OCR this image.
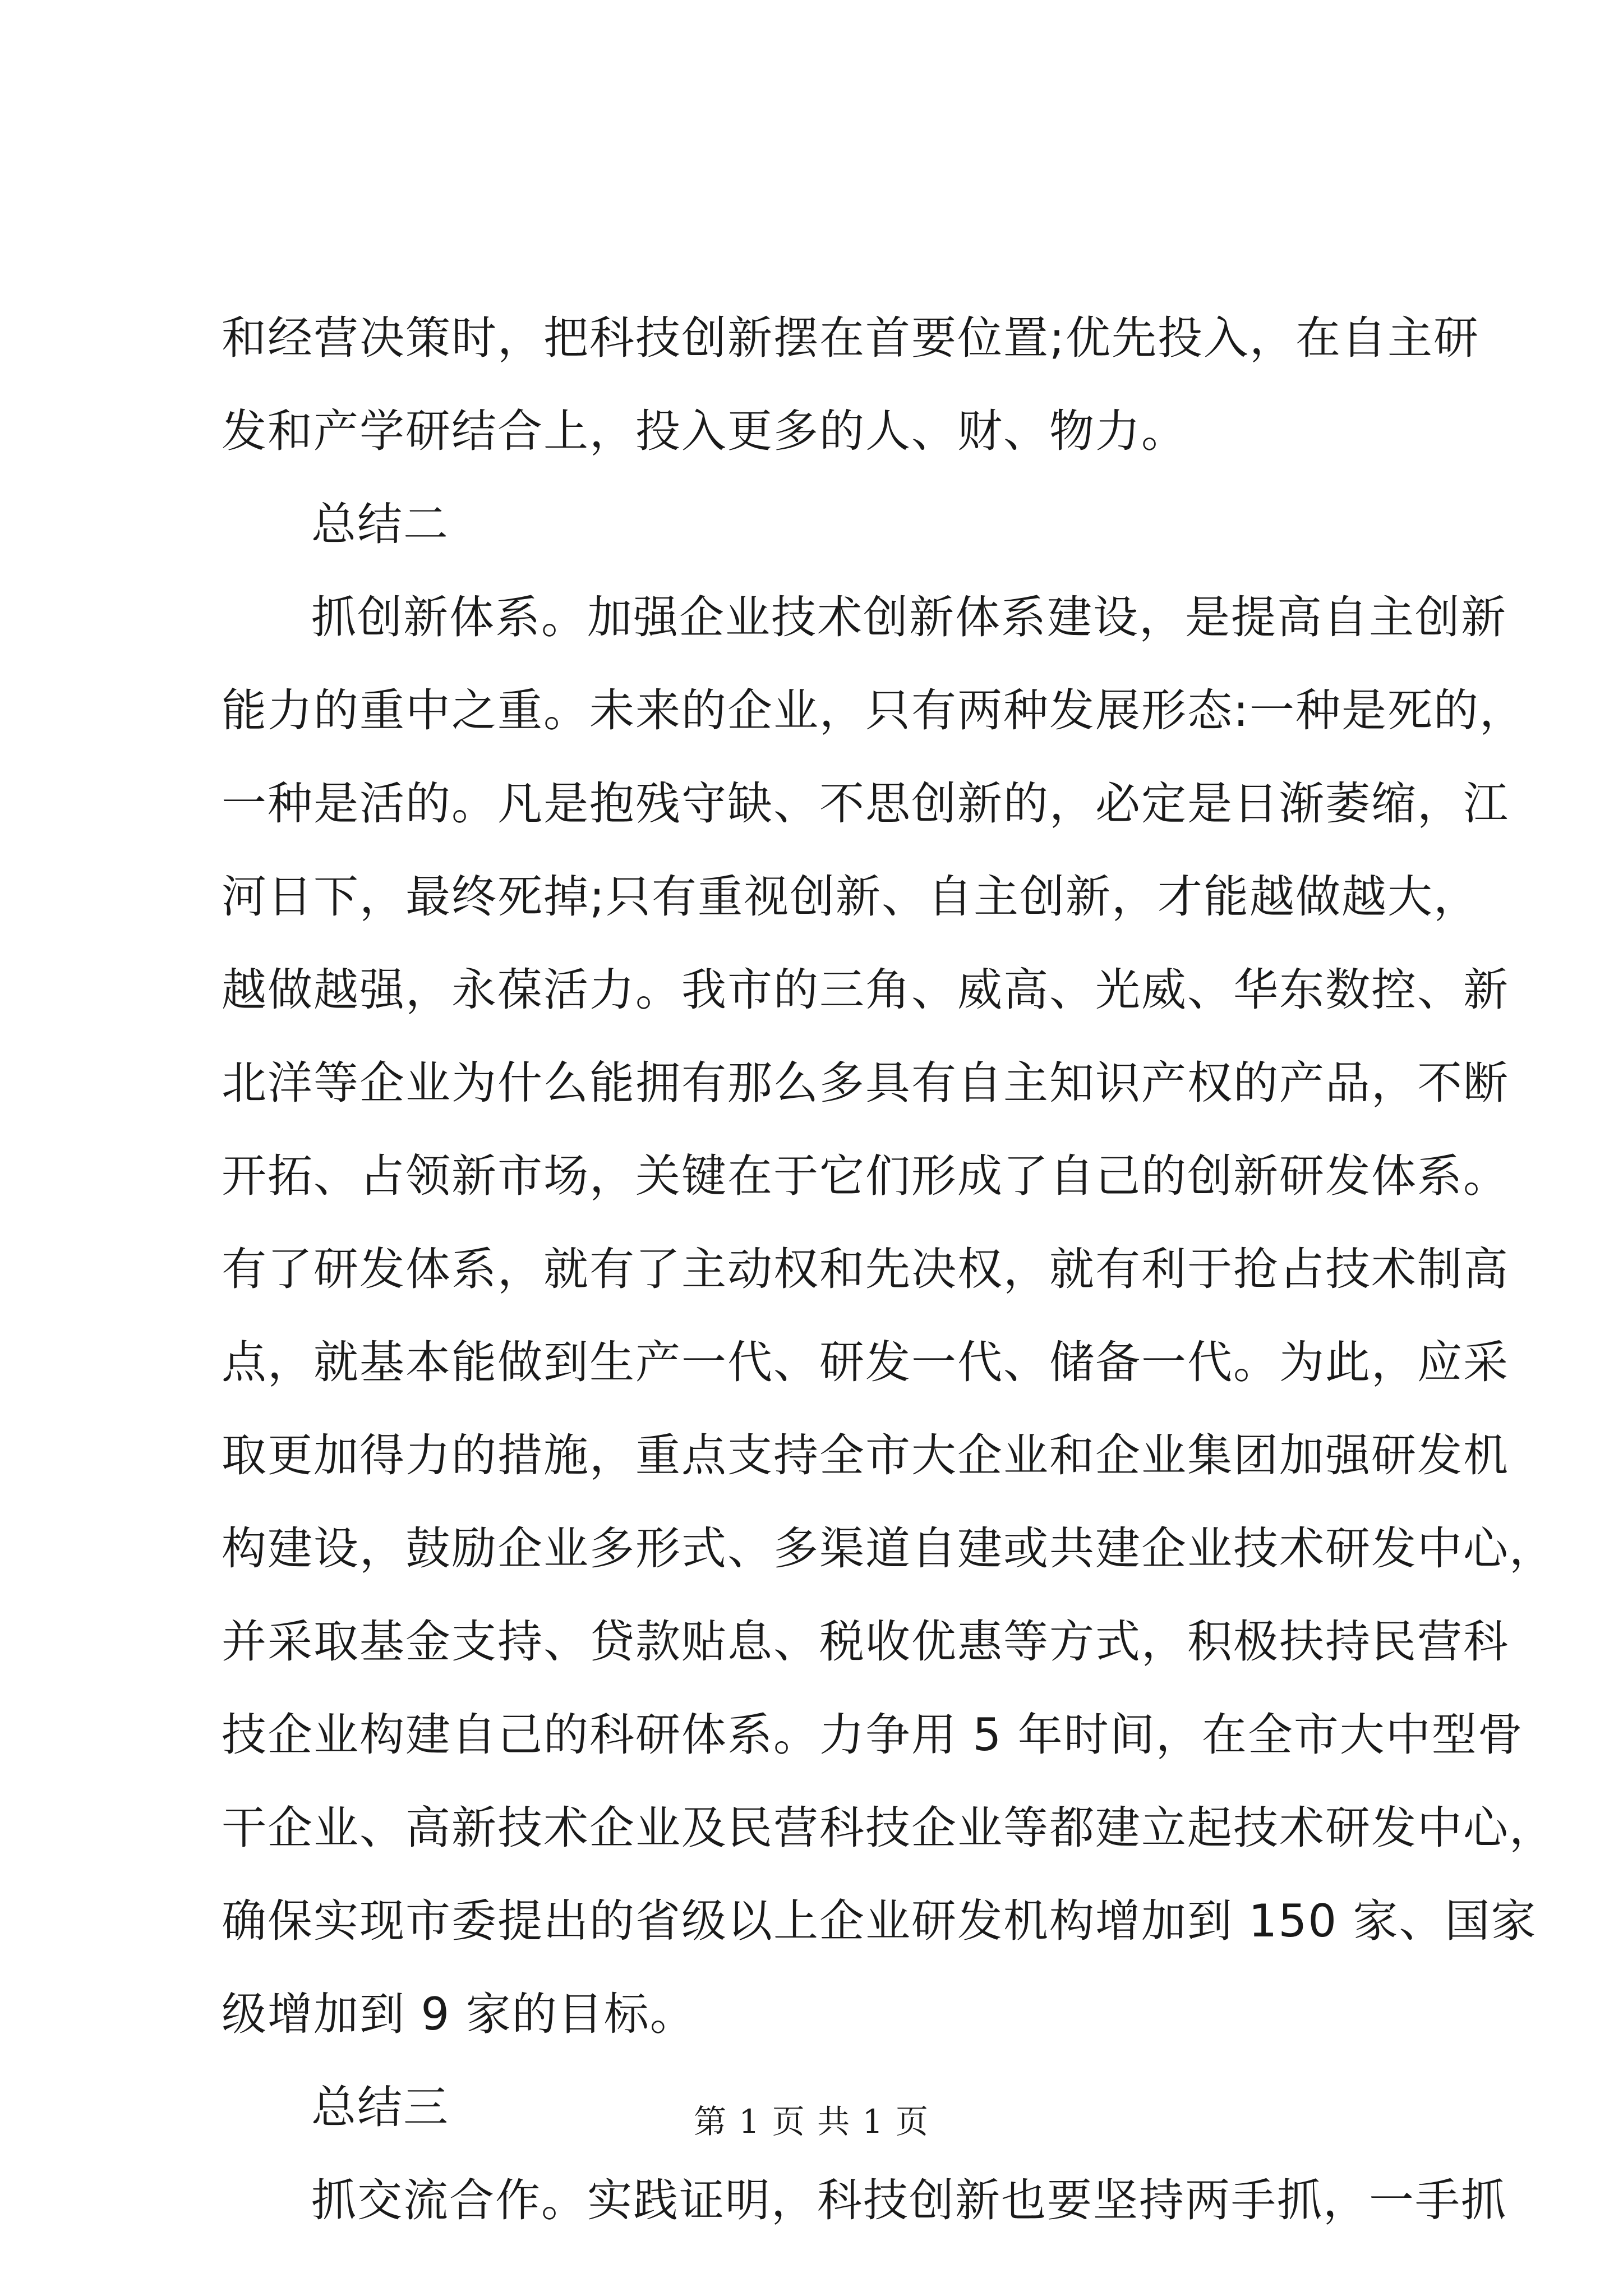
和经营决策时，把科技创新摆在首要位置;优先投入，在自主研
发和产学研结合上，投入更多的人、财、物力。
总结二
抓创新体系。加强企业技术创新体系建设，是提高自主创新
能力的重中之重。未来的企业，只有两种发展形态:一种是死的，
一种是活的。凡是抱残守缺、不思创新的，必定是日渐萎缩，江
河日下，最终死掉;只有重视创新、自主创新，才能越做越大，
越做越强，永葆活力。我市的三角、威高、光威、华东数控、新
北洋等企业为什么能拥有那么多具有自主知识产权的产品，不断
开拓、占领新市场，关键在于它们形成了自己的创新研发体系。
有了研发体系，就有了主动权和先决权，就有利于抢占技术制高
点，就基本能做到生产一代、研发一代、储备一代。为此，应采
取更加得力的措施，重点支持全市大企业和企业集团加强研发机
构建设，鼓励企业多形式、多渠道自建或共建企业技术研发中心，
并采取基金支持、贷款贴息、税收优惠等方式，积极扶持民营科
技企业构建自己的科研体系。力争用 5 年时间，在全市大中型骨
干企业、高新技术企业及民营科技企业等都建立起技术研发中心，
确保实现市委提出的省级以上企业研发机构增加到 150 家、国家
级增加到 9 家的目标。
总结三
抓交流合作。实践证明，科技创新也要坚持两手抓，一手抓
第 1 页 共 1 页
